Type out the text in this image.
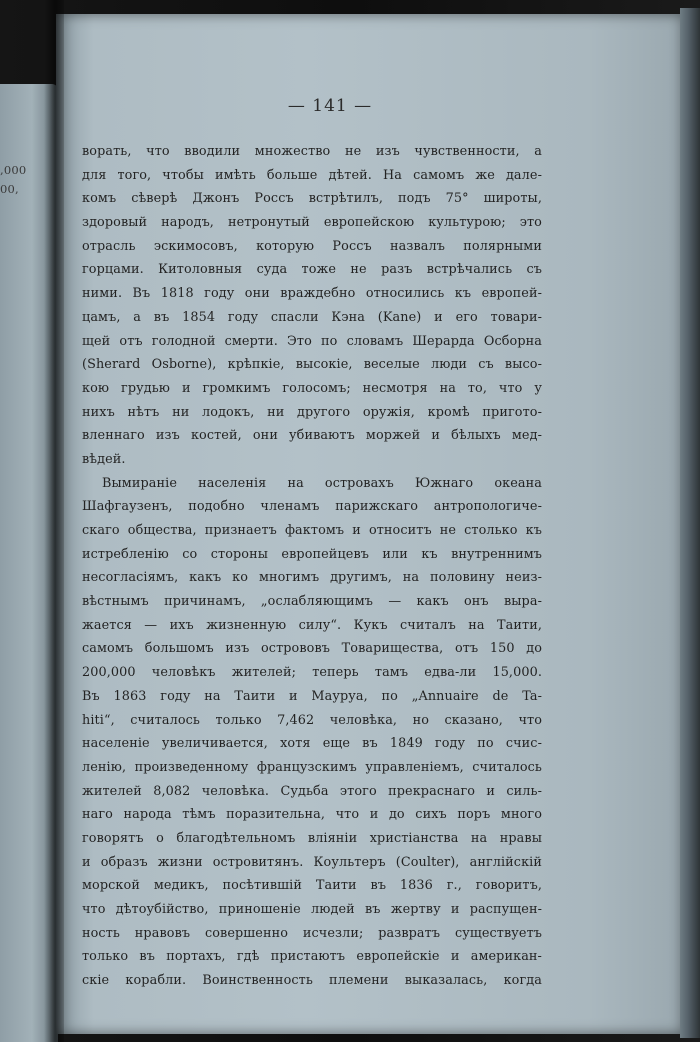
,000
00,

— 141 —
ворать, что вводили множество не изъ чувственности, а
для того, чтобы имѣть больше дѣтей. На самомъ же дале-
комъ сѣверѣ Джонъ Россъ встрѣтилъ, подъ 75° широты,
здоровый народъ, нетронутый европейскою культурою; это
отрасль эскимосовъ, которую Россъ назвалъ полярными
горцами. Китоловныя суда тоже не разъ встрѣчались съ
ними. Въ 1818 году они враждебно относились къ европей-
цамъ, а въ 1854 году спасли Кэна (Kane) и его товари-
щей отъ голодной смерти. Это по словамъ Шерарда Осборна
(Sherard Osborne), крѣпкіе, высокіе, веселые люди съ высо-
кою грудью и громкимъ голосомъ; несмотря на то, что у
нихъ нѣтъ ни лодокъ, ни другого оружія, кромѣ пригото-
вленнаго изъ костей, они убиваютъ моржей и бѣлыхъ мед-
вѣдей.
Вымираніе населенія на островахъ Южнаго океана
Шафгаузенъ, подобно членамъ парижскаго антропологиче-
скаго общества, признаетъ фактомъ и относитъ не столько къ
истребленію со стороны европейцевъ или къ внутреннимъ
несогласіямъ, какъ ко многимъ другимъ, на половину неиз-
вѣстнымъ причинамъ, „ослабляющимъ — какъ онъ выра-
жается — ихъ жизненную силу“. Кукъ считалъ на Таити,
самомъ большомъ изъ острововъ Товарищества, отъ 150 до
200,000 человѣкъ жителей; теперь тамъ едва-ли 15,000.
Въ 1863 году на Таити и Мауруа, по „Annuaire de Ta-
hiti“, считалось только 7,462 человѣка, но сказано, что
населеніе увеличивается, хотя еще въ 1849 году по счис-
ленію, произведенному французскимъ управленіемъ, считалось
жителей 8,082 человѣка. Судьба этого прекраснаго и силь-
наго народа тѣмъ поразительна, что и до сихъ поръ много
говорятъ о благодѣтельномъ вліяніи христіанства на нравы
и образъ жизни островитянъ. Коультеръ (Coulter), англійскій
морской медикъ, посѣтившій Таити въ 1836 г., говоритъ,
что дѣтоубійство, приношеніе людей въ жертву и распущен-
ность нравовъ совершенно исчезли; развратъ существуетъ
только въ портахъ, гдѣ пристаютъ европейскіе и американ-
скіе корабли. Воинственность племени выказалась, когда
